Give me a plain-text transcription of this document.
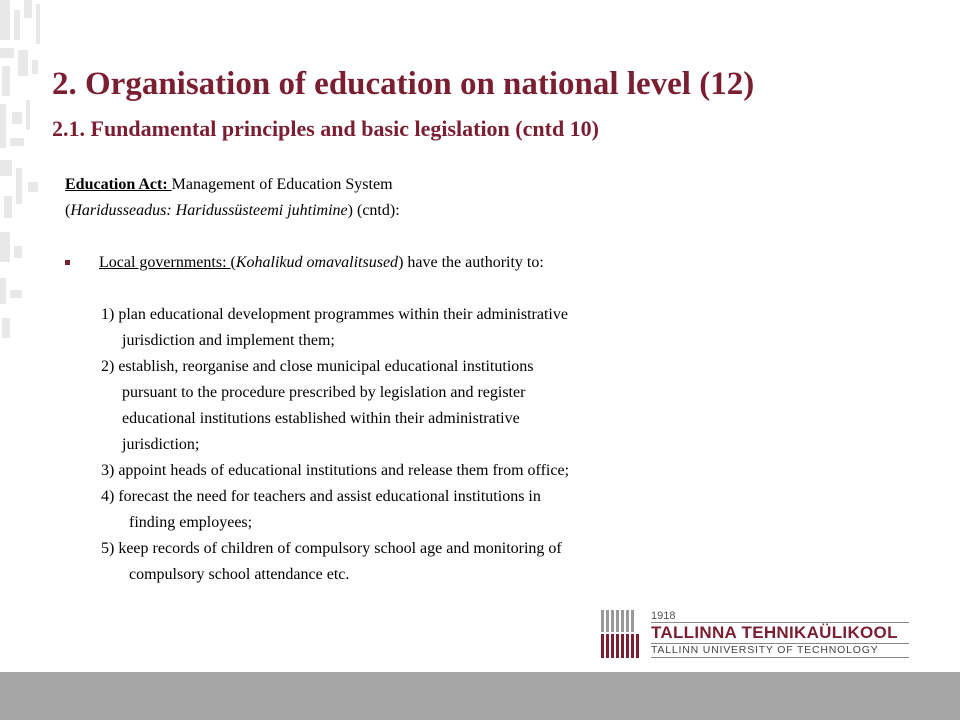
2. Organisation of education on national level (12)
2.1. Fundamental principles and basic legislation (cntd 10)
Education Act: Management of Education System
(Haridusseadus: Haridussüsteemi juhtimine) (cntd):
Local governments: (Kohalikud omavalitsused) have the authority to:
1) plan educational development programmes within their administrative
jurisdiction and implement them;
2) establish, reorganise and close municipal educational institutions
pursuant to the procedure prescribed by legislation and register
educational institutions established within their administrative
jurisdiction;
3) appoint heads of educational institutions and release them from office;
4) forecast the need for teachers and assist educational institutions in
finding employees;
5) keep records of children of compulsory school age and monitoring of
compulsory school attendance etc.
1918
TALLINNA TEHNIKAÜLIKOOL
TALLINN UNIVERSITY OF TECHNOLOGY
